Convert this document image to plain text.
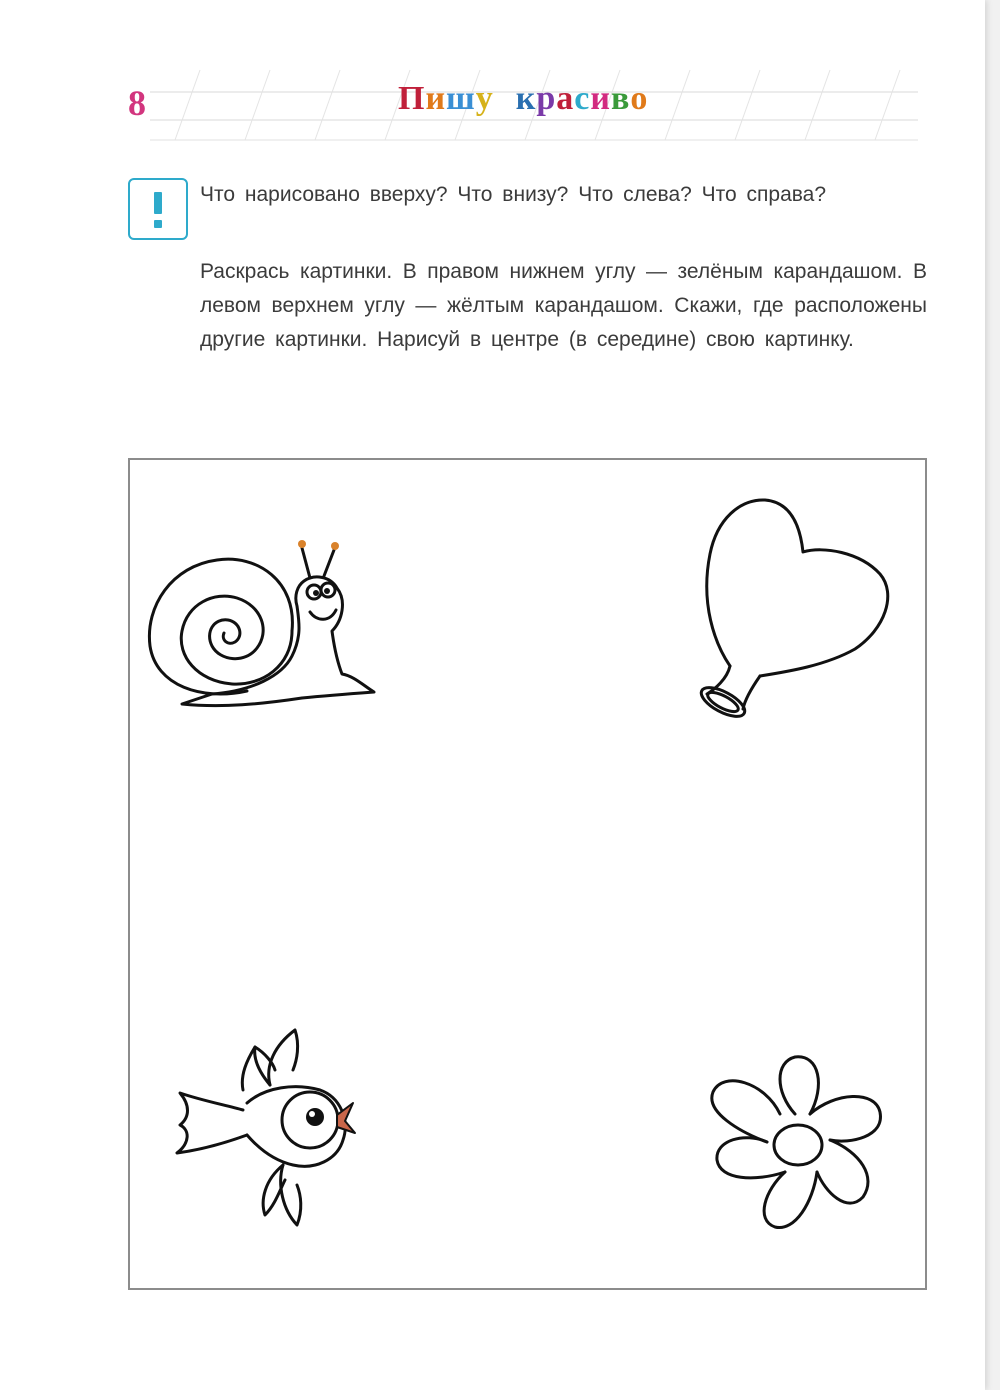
8	Пишу красиво
Что нарисовано вверху? Что внизу? Что слева? Что справа?
Раскрась картинки. В правом нижнем углу — зелёным карандашом. В левом верхнем углу — жёлтым карандашом. Скажи, где расположены другие картинки. Нарисуй в центре (в середине) свою картинку.
